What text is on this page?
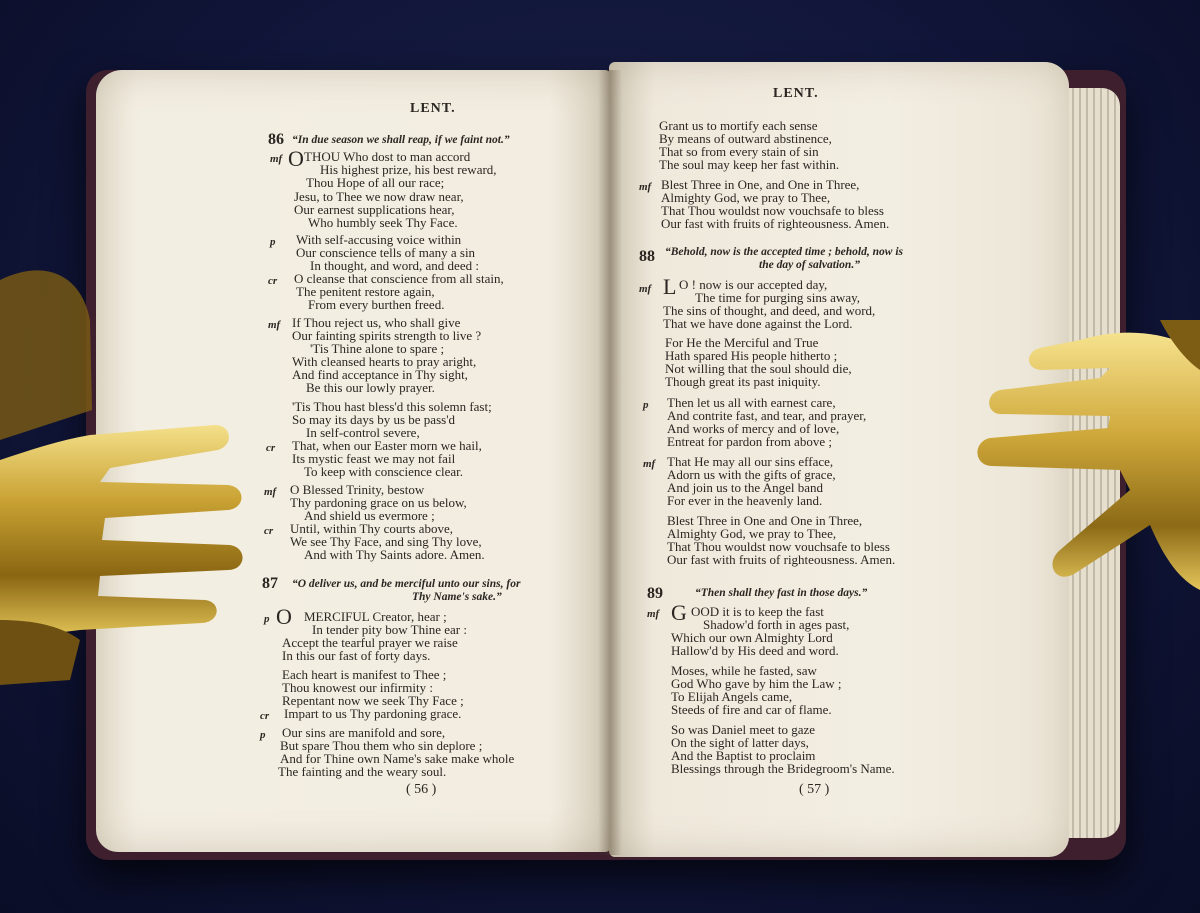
LENT.
86 “In due season we shall reap, if we faint not.”
mf O THOU Who dost to man accord
His highest prize, his best reward,
Thou Hope of all our race;
Jesu, to Thee we now draw near,
Our earnest supplications hear,
Who humbly seek Thy Face.
p With self-accusing voice within
Our conscience tells of many a sin
In thought, and word, and deed :
cr O cleanse that conscience from all stain,
The penitent restore again,
From every burthen freed.
mf If Thou reject us, who shall give
Our fainting spirits strength to live ?
'Tis Thine alone to spare ;
With cleansed hearts to pray aright,
And find acceptance in Thy sight,
Be this our lowly prayer.
'Tis Thou hast bless'd this solemn fast;
So may its days by us be pass'd
In self-control severe,
cr That, when our Easter morn we hail,
Its mystic feast we may not fail
To keep with conscience clear.
mf O Blessed Trinity, bestow
Thy pardoning grace on us below,
And shield us evermore ;
cr Until, within Thy courts above,
We see Thy Face, and sing Thy love,
And with Thy Saints adore. Amen.
87 “O deliver us, and be merciful unto our sins, for
Thy Name's sake.”
p O MERCIFUL Creator, hear ;
In tender pity bow Thine ear :
Accept the tearful prayer we raise
In this our fast of forty days.
Each heart is manifest to Thee ;
Thou knowest our infirmity :
Repentant now we seek Thy Face ;
cr Impart to us Thy pardoning grace.
p Our sins are manifold and sore,
But spare Thou them who sin deplore ;
And for Thine own Name's sake make whole
The fainting and the weary soul.
( 56 )
LENT.
Grant us to mortify each sense
By means of outward abstinence,
That so from every stain of sin
The soul may keep her fast within.
mf Blest Three in One, and One in Three,
Almighty God, we pray to Thee,
That Thou wouldst now vouchsafe to bless
Our fast with fruits of righteousness. Amen.
88 “Behold, now is the accepted time ; behold, now is
the day of salvation.”
mf L O ! now is our accepted day,
The time for purging sins away,
The sins of thought, and deed, and word,
That we have done against the Lord.
For He the Merciful and True
Hath spared His people hitherto ;
Not willing that the soul should die,
Though great its past iniquity.
p Then let us all with earnest care,
And contrite fast, and tear, and prayer,
And works of mercy and of love,
Entreat for pardon from above ;
mf That He may all our sins efface,
Adorn us with the gifts of grace,
And join us to the Angel band
For ever in the heavenly land.
Blest Three in One and One in Three,
Almighty God, we pray to Thee,
That Thou wouldst now vouchsafe to bless
Our fast with fruits of righteousness. Amen.
89	“Then shall they fast in those days.”
mf G OOD it is to keep the fast
Shadow'd forth in ages past,
Which our own Almighty Lord
Hallow'd by His deed and word.
Moses, while he fasted, saw
God Who gave by him the Law ;
To Elijah Angels came,
Steeds of fire and car of flame.
So was Daniel meet to gaze
On the sight of latter days,
And the Baptist to proclaim
Blessings through the Bridegroom's Name.
( 57 )
